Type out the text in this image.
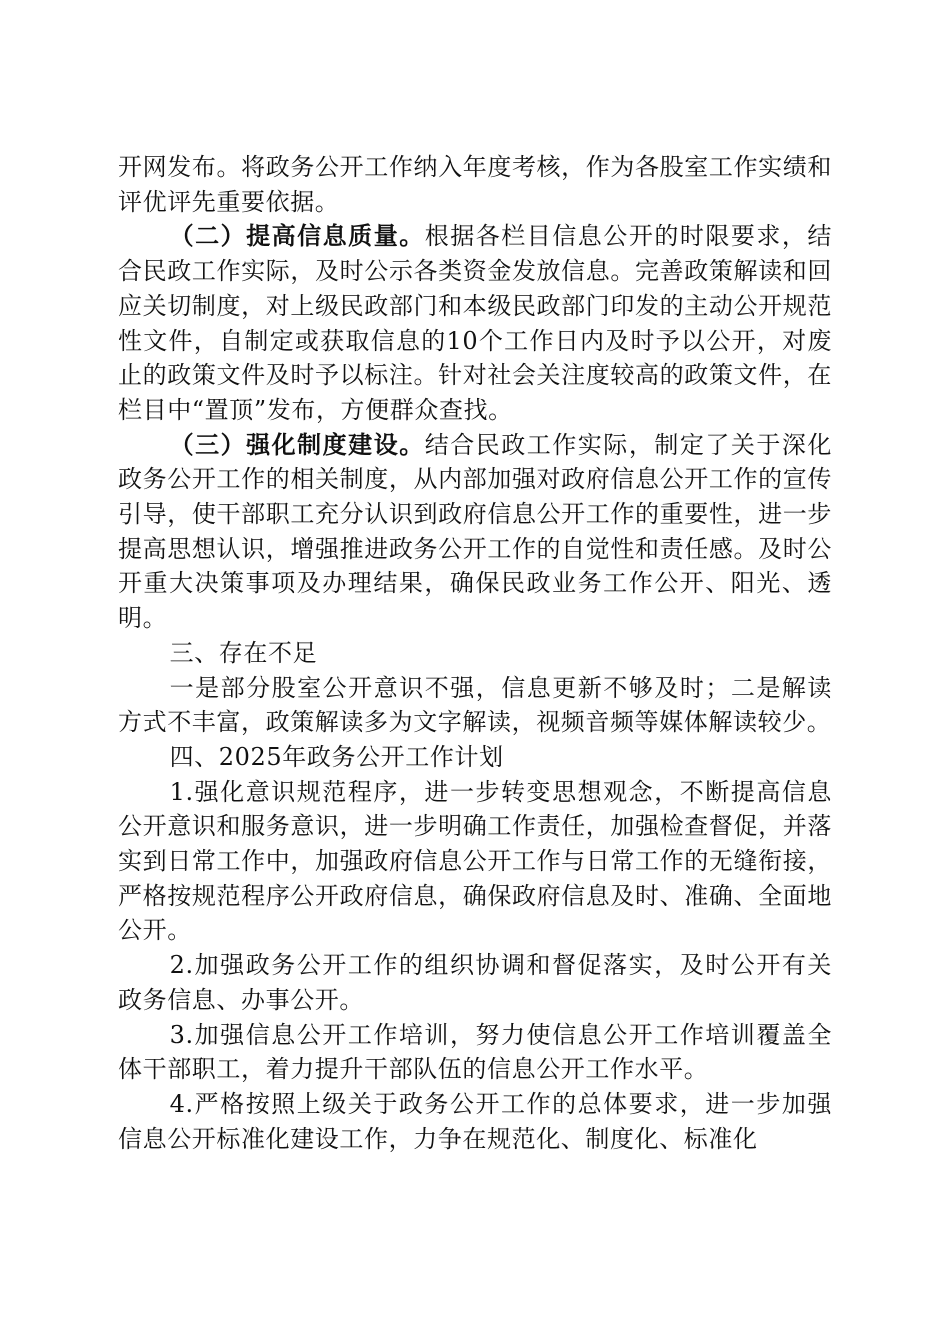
开网发布。将政务公开工作纳入年度考核，作为各股室工作实绩和评优评先重要依据。

（二）提高信息质量。根据各栏目信息公开的时限要求，结合民政工作实际，及时公示各类资金发放信息。完善政策解读和回应关切制度，对上级民政部门和本级民政部门印发的主动公开规范性文件，自制定或获取信息的10个工作日内及时予以公开，对废止的政策文件及时予以标注。针对社会关注度较高的政策文件，在栏目中“置顶”发布，方便群众查找。

（三）强化制度建设。结合民政工作实际，制定了关于深化政务公开工作的相关制度，从内部加强对政府信息公开工作的宣传引导，使干部职工充分认识到政府信息公开工作的重要性，进一步提高思想认识，增强推进政务公开工作的自觉性和责任感。及时公开重大决策事项及办理结果，确保民政业务工作公开、阳光、透明。

三、存在不足

一是部分股室公开意识不强，信息更新不够及时；二是解读方式不丰富，政策解读多为文字解读，视频音频等媒体解读较少。

四、2025年政务公开工作计划

1.强化意识规范程序，进一步转变思想观念，不断提高信息公开意识和服务意识，进一步明确工作责任，加强检查督促，并落实到日常工作中，加强政府信息公开工作与日常工作的无缝衔接，严格按规范程序公开政府信息，确保政府信息及时、准确、全面地公开。

2.加强政务公开工作的组织协调和督促落实，及时公开有关政务信息、办事公开。

3.加强信息公开工作培训，努力使信息公开工作培训覆盖全体干部职工，着力提升干部队伍的信息公开工作水平。

4.严格按照上级关于政务公开工作的总体要求，进一步加强信息公开标准化建设工作，力争在规范化、制度化、标准化
